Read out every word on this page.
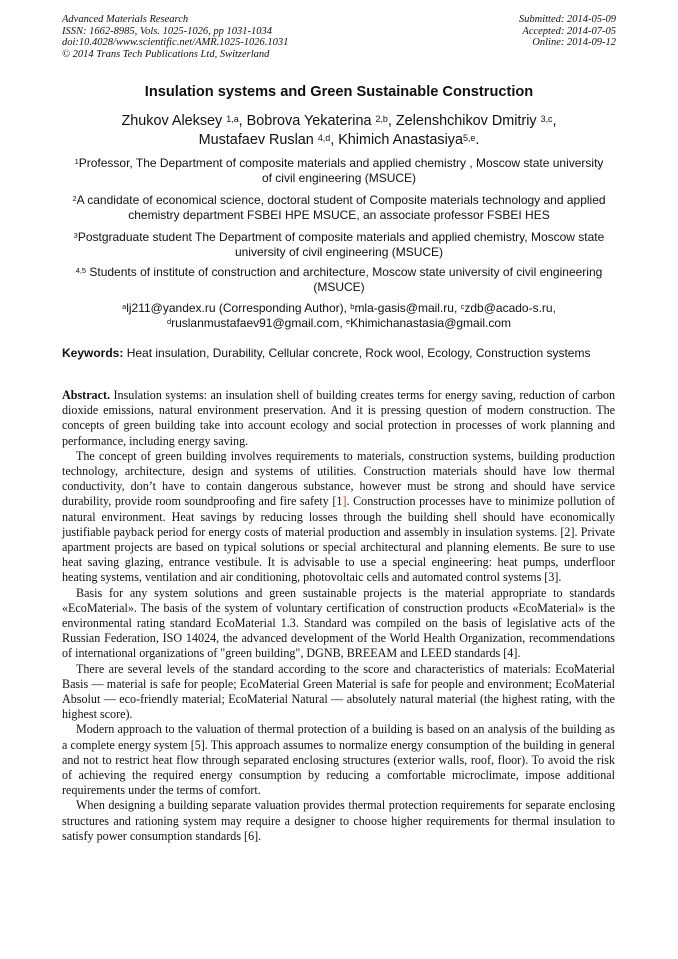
Advanced Materials Research
ISSN: 1662-8985, Vols. 1025-1026, pp 1031-1034
doi:10.4028/www.scientific.net/AMR.1025-1026.1031
© 2014 Trans Tech Publications Ltd, Switzerland
Submitted: 2014-05-09
Accepted: 2014-07-05
Online: 2014-09-12
Insulation systems and Green Sustainable Construction
Zhukov Aleksey $^{1,a}$, Bobrova Yekaterina $^{2,b}$, Zelenshchikov Dmitriy $^{3,c}$,
Mustafaev Ruslan $^{4,d}$, Khimich Anastasiya$^{5,e}$.
$^1$Professor, The Department of composite materials and applied chemistry , Moscow state university of civil engineering (MSUCE)
$^2$A candidate of economical science, doctoral student of Composite materials technology and applied chemistry department FSBEI HPE MSUCE, an associate professor FSBEI HES
$^3$Postgraduate student The Department of composite materials and applied chemistry, Moscow state university of civil engineering (MSUCE)
$^{4,5}$ Students of institute of construction and architecture, Moscow state university of civil engineering (MSUCE)
$^a$lj211@yandex.ru (Corresponding Author), $^b$mla-gasis@mail.ru, $^c$zdb@acado-s.ru,
$^d$ruslanmustafaev91@gmail.com, $^e$Khimichanastasia@gmail.com
Keywords: Heat insulation, Durability, Cellular concrete, Rock wool, Ecology, Construction systems

Abstract. Insulation systems: an insulation shell of building creates terms for energy saving, reduction of carbon dioxide emissions, natural environment preservation. And it is pressing question of modern construction. The concepts of green building take into account ecology and social protection in processes of work planning and performance, including energy saving.

The concept of green building involves requirements to materials, construction systems, building production technology, architecture, design and systems of utilities. Construction materials should have low thermal conductivity, don’t have to contain dangerous substance, however must be strong and should have service durability, provide room soundproofing and fire safety [1]. Construction processes have to minimize pollution of natural environment. Heat savings by reducing losses through the building shell should have economically justifiable payback period for energy costs of material production and assembly in insulation systems. [2]. Private apartment projects are based on typical solutions or special architectural and planning elements. Be sure to use heat saving glazing, entrance vestibule. It is advisable to use a special engineering: heat pumps, underfloor heating systems, ventilation and air conditioning, photovoltaic cells and automated control systems [3].

Basis for any system solutions and green sustainable projects is the material appropriate to standards «EcoMaterial». The basis of the system of voluntary certification of construction products «EcoMaterial» is the environmental rating standard EcoMaterial 1.3. Standard was compiled on the basis of legislative acts of the Russian Federation, ISO 14024, the advanced development of the World Health Organization, recommendations of international organizations of "green building", DGNB, BREEAM and LEED standards [4].

There are several levels of the standard according to the score and characteristics of materials: EcoMaterial Basis — material is safe for people; EcoMaterial Green Material is safe for people and environment; EcoMaterial Absolut — eco-friendly material; EcoMaterial Natural — absolutely natural material (the highest rating, with the highest score).

Modern approach to the valuation of thermal protection of a building is based on an analysis of the building as a complete energy system [5]. This approach assumes to normalize energy consumption of the building in general and not to restrict heat flow through separated enclosing structures (exterior walls, roof, floor). To avoid the risk of achieving the required energy consumption by reducing a comfortable microclimate, impose additional requirements under the terms of comfort.

When designing a building separate valuation provides thermal protection requirements for separate enclosing structures and rationing system may require a designer to choose higher requirements for thermal insulation to satisfy power consumption standards [6].
